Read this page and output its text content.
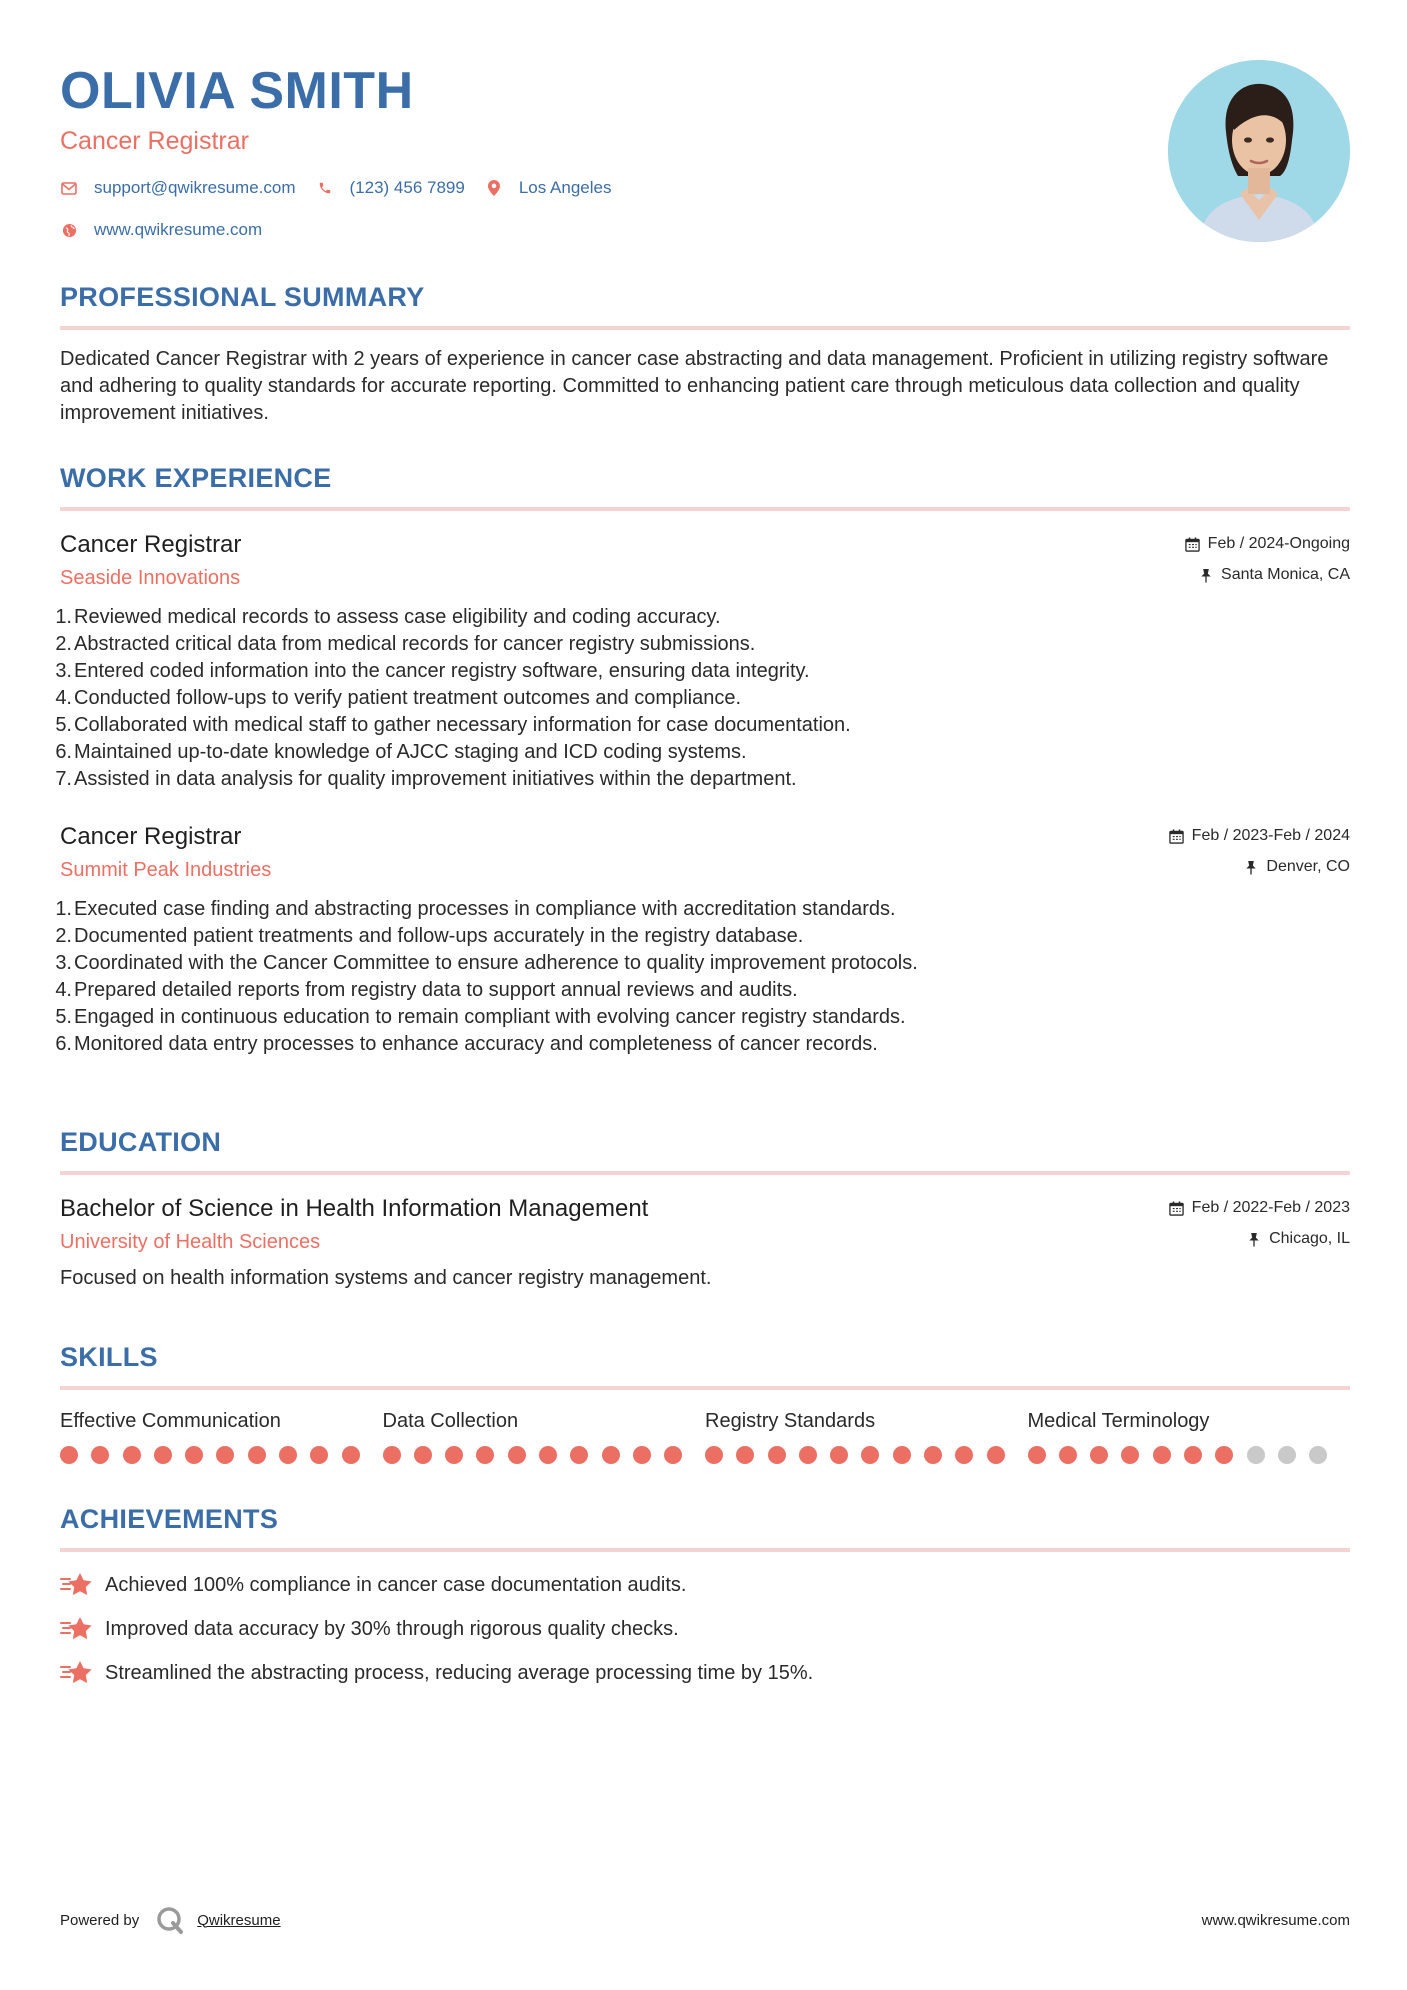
OLIVIA SMITH
Cancer Registrar
support@qwikresume.com	(123) 456 7899	Los Angeles
www.qwikresume.com
PROFESSIONAL SUMMARY
Dedicated Cancer Registrar with 2 years of experience in cancer case abstracting and data management. Proficient in utilizing registry software and adhering to quality standards for accurate reporting. Committed to enhancing patient care through meticulous data collection and quality improvement initiatives.
WORK EXPERIENCE
Cancer Registrar
Seaside Innovations
Feb / 2024-Ongoing
Santa Monica, CA
1. Reviewed medical records to assess case eligibility and coding accuracy.
2. Abstracted critical data from medical records for cancer registry submissions.
3. Entered coded information into the cancer registry software, ensuring data integrity.
4. Conducted follow-ups to verify patient treatment outcomes and compliance.
5. Collaborated with medical staff to gather necessary information for case documentation.
6. Maintained up-to-date knowledge of AJCC staging and ICD coding systems.
7. Assisted in data analysis for quality improvement initiatives within the department.
Cancer Registrar
Summit Peak Industries
Feb / 2023-Feb / 2024
Denver, CO
1. Executed case finding and abstracting processes in compliance with accreditation standards.
2. Documented patient treatments and follow-ups accurately in the registry database.
3. Coordinated with the Cancer Committee to ensure adherence to quality improvement protocols.
4. Prepared detailed reports from registry data to support annual reviews and audits.
5. Engaged in continuous education to remain compliant with evolving cancer registry standards.
6. Monitored data entry processes to enhance accuracy and completeness of cancer records.
EDUCATION
Bachelor of Science in Health Information Management
University of Health Sciences
Feb / 2022-Feb / 2023
Chicago, IL
Focused on health information systems and cancer registry management.
SKILLS
Effective Communication	Data Collection	Registry Standards	Medical Terminology
ACHIEVEMENTS
Achieved 100% compliance in cancer case documentation audits.
Improved data accuracy by 30% through rigorous quality checks.
Streamlined the abstracting process, reducing average processing time by 15%.
Powered by	Qwikresume	www.qwikresume.com
